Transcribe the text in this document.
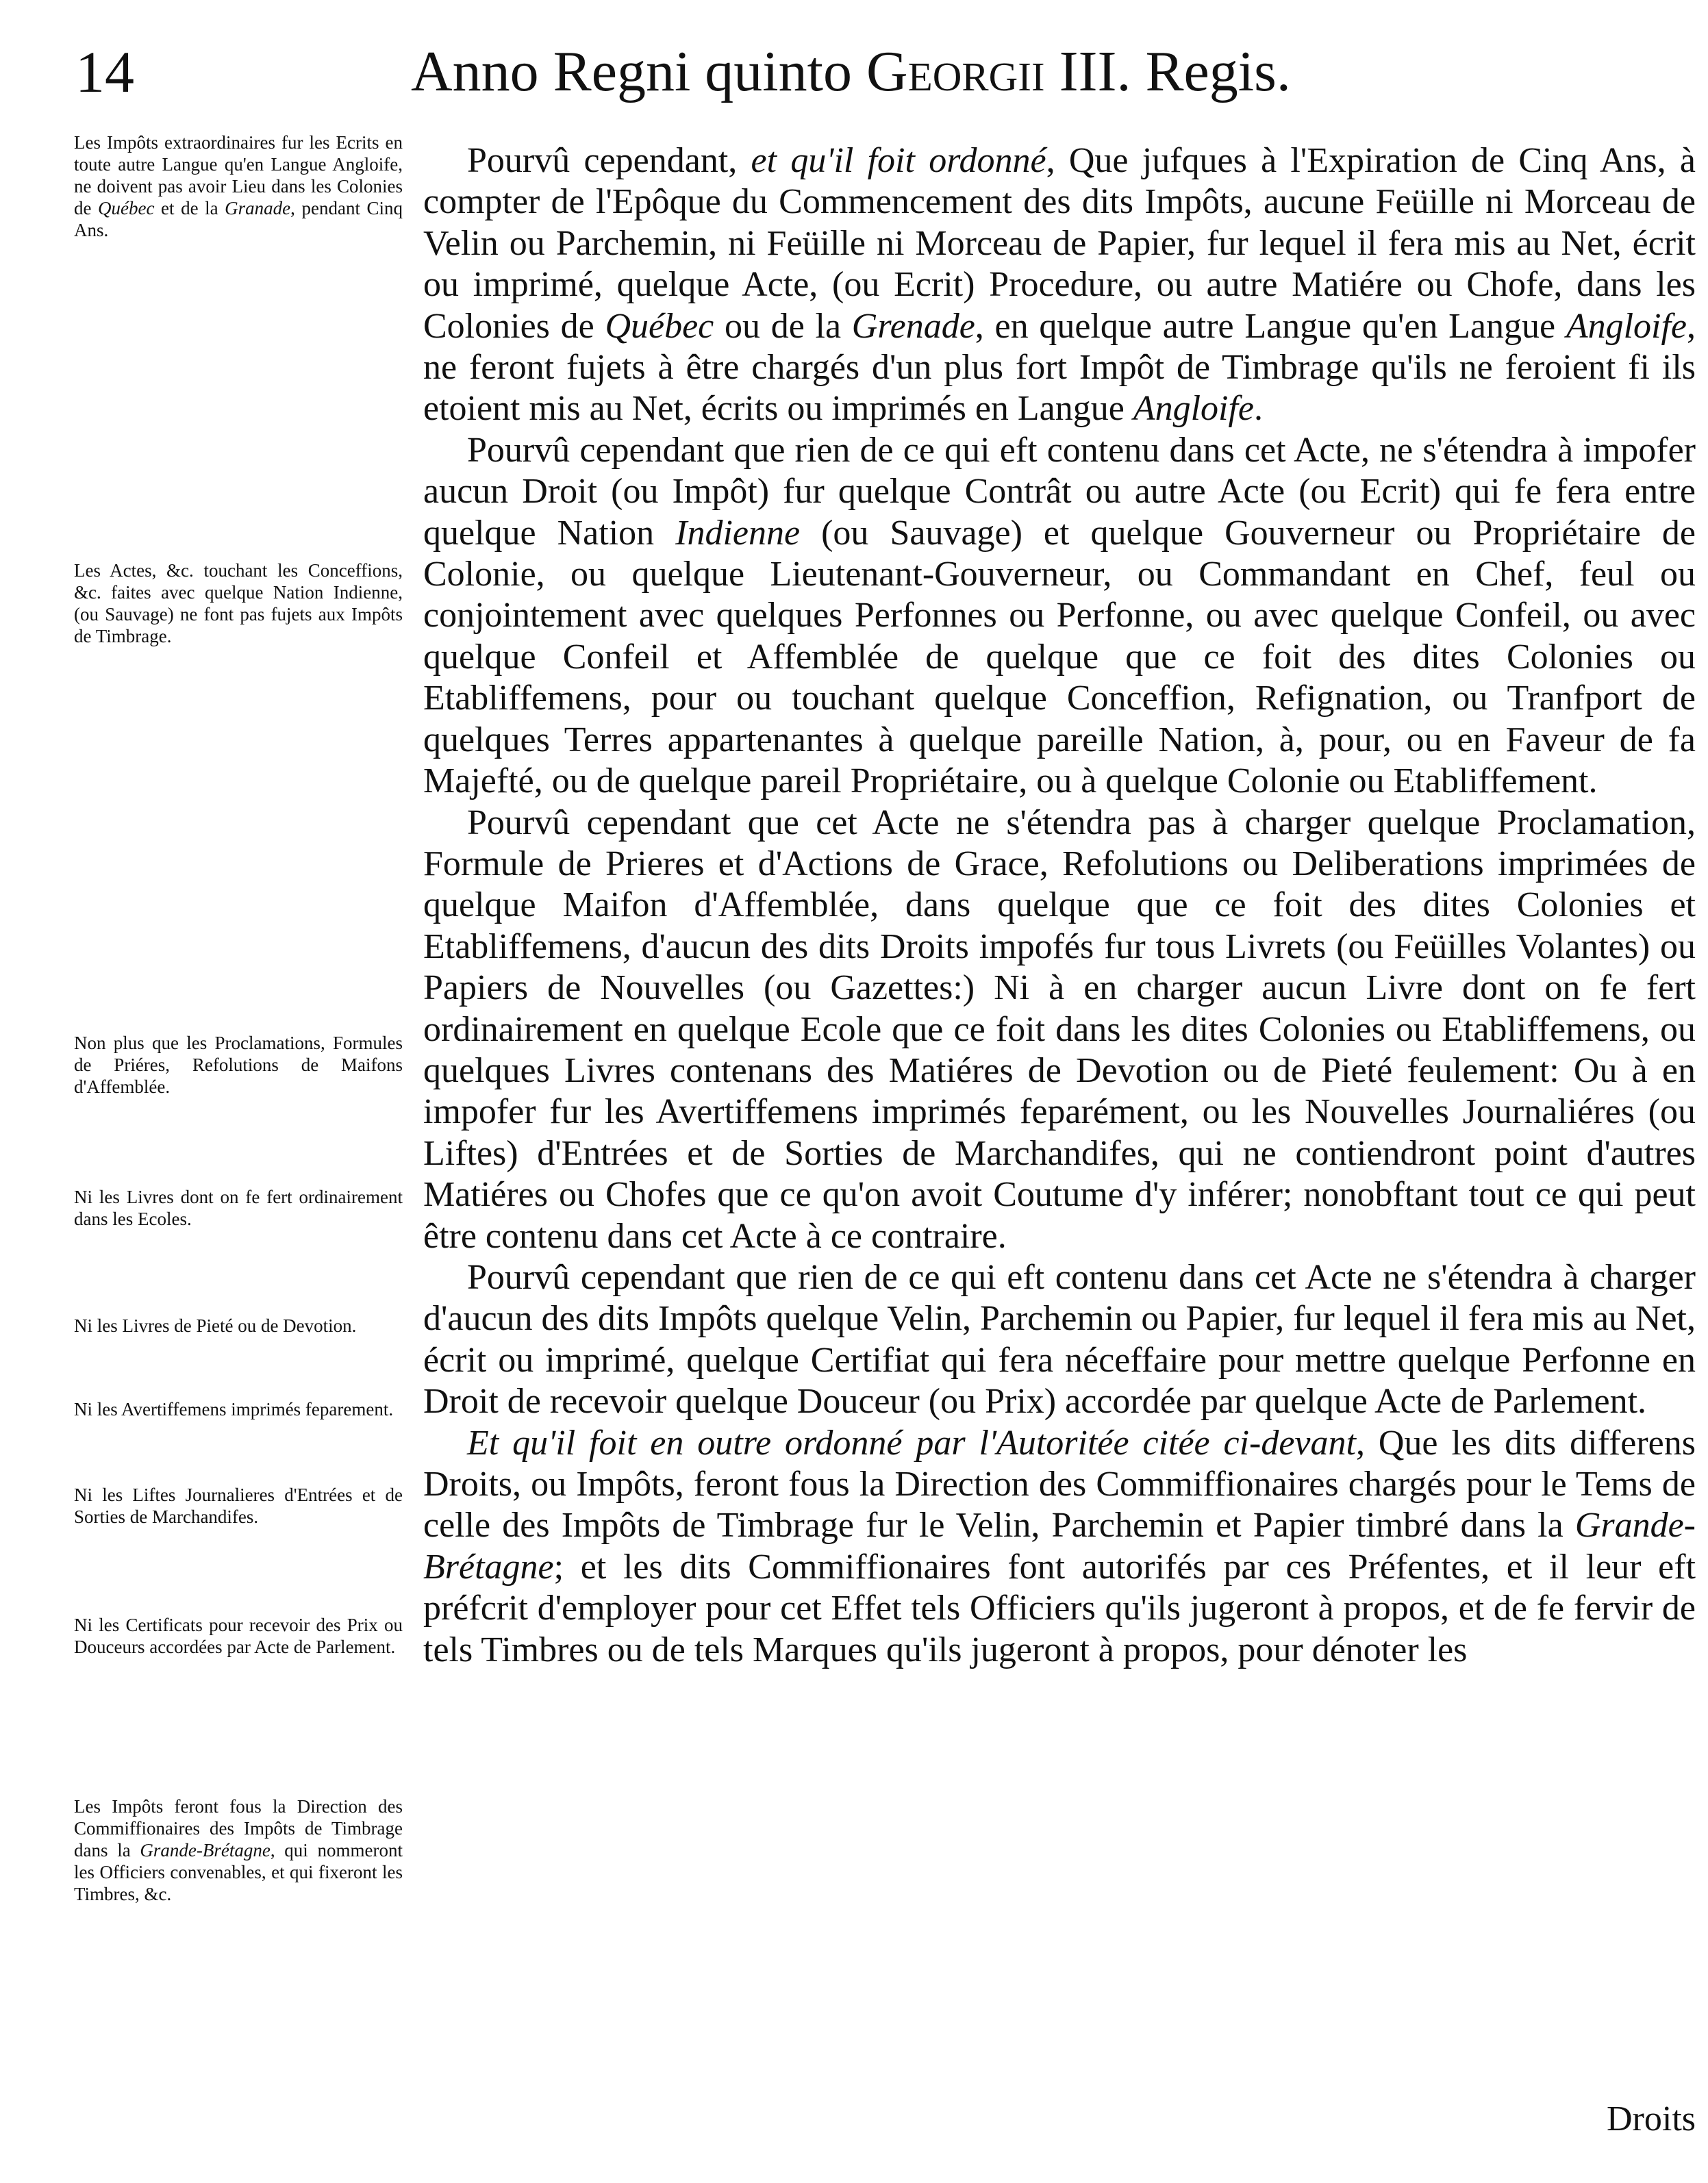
14	Anno Regni quinto Georgii III. Regis.
Les Impôts extraordinaires fur les Ecrits en toute autre Langue qu'en Langue Angloife, ne doivent pas avoir Lieu dans les Colonies de Québec et de la Granade, pendant Cinq Ans.
Les Actes, &c. touchant les Conceffions, &c. faites avec quelque Nation Indienne, (ou Sauvage) ne font pas fujets aux Impôts de Timbrage.
Non plus que les Proclamations, Formules de Priéres, Refolutions de Maifons d'Affemblée.
Ni les Livres dont on fe fert ordinairement dans les Ecoles.
Ni les Livres de Pieté ou de Devotion.
Ni les Avertiffemens imprimés feparement.
Ni les Liftes Journalieres d'Entrées et de Sorties de Marchandifes.
Ni les Certificats pour recevoir des Prix ou Douceurs accordées par Acte de Parlement.
Les Impôts feront fous la Direction des Commiffionaires des Impôts de Timbrage dans la Grande-Brétagne, qui nommeront les Officiers convenables, et qui fixeront les Timbres, &c.

Pourvû cependant, et qu'il foit ordonné, Que jufques à l'Expiration de Cinq Ans, à compter de l'Epôque du Commencement des dits Impôts, aucune Feüille ni Morceau de Velin ou Parchemin, ni Feüille ni Morceau de Papier, fur lequel il fera mis au Net, écrit ou imprimé, quelque Acte, (ou Ecrit) Procedure, ou autre Matiére ou Chofe, dans les Colonies de Québec ou de la Grenade, en quelque autre Langue qu'en Langue Angloife, ne feront fujets à être chargés d'un plus fort Impôt de Timbrage qu'ils ne feroient fi ils etoient mis au Net, écrits ou imprimés en Langue Angloife.

Pourvû cependant que rien de ce qui eft contenu dans cet Acte, ne s'étendra à impofer aucun Droit (ou Impôt) fur quelque Contrât ou autre Acte (ou Ecrit) qui fe fera entre quelque Nation Indienne (ou Sauvage) et quelque Gouverneur ou Propriétaire de Colonie, ou quelque Lieutenant-Gouverneur, ou Commandant en Chef, feul ou conjointement avec quelques Perfonnes ou Perfonne, ou avec quelque Confeil, ou avec quelque Confeil et Affemblée de quelque que ce foit des dites Colonies ou Etabliffemens, pour ou touchant quelque Conceffion, Refignation, ou Tranfport de quelques Terres appartenantes à quelque pareille Nation, à, pour, ou en Faveur de fa Majefté, ou de quelque pareil Propriétaire, ou à quelque Colonie ou Etabliffement.

Pourvû cependant que cet Acte ne s'étendra pas à charger quelque Proclamation, Formule de Prieres et d'Actions de Grace, Refolutions ou Deliberations imprimées de quelque Maifon d'Affemblée, dans quelque que ce foit des dites Colonies et Etabliffemens, d'aucun des dits Droits impofés fur tous Livrets (ou Feüilles Volantes) ou Papiers de Nouvelles (ou Gazettes:) Ni à en charger aucun Livre dont on fe fert ordinairement en quelque Ecole que ce foit dans les dites Colonies ou Etabliffemens, ou quelques Livres contenans des Matiéres de Devotion ou de Pieté feulement: Ou à en impofer fur les Avertiffemens imprimés feparément, ou les Nouvelles Journaliéres (ou Liftes) d'Entrées et de Sorties de Marchandifes, qui ne contiendront point d'autres Matiéres ou Chofes que ce qu'on avoit Coutume d'y inférer; nonobftant tout ce qui peut être contenu dans cet Acte à ce contraire.

Pourvû cependant que rien de ce qui eft contenu dans cet Acte ne s'étendra à charger d'aucun des dits Impôts quelque Velin, Parchemin ou Papier, fur lequel il fera mis au Net, écrit ou imprimé, quelque Certifiat qui fera néceffaire pour mettre quelque Perfonne en Droit de recevoir quelque Douceur (ou Prix) accordée par quelque Acte de Parlement.

Et qu'il foit en outre ordonné par l'Autoritée citée ci-devant, Que les dits differens Droits, ou Impôts, feront fous la Direction des Commiffionaires chargés pour le Tems de celle des Impôts de Timbrage fur le Velin, Parchemin et Papier timbré dans la Grande-Brétagne; et les dits Commiffionaires font autorifés par ces Préfentes, et il leur eft préfcrit d'employer pour cet Effet tels Officiers qu'ils jugeront à propos, et de fe fervir de tels Timbres ou de tels Marques qu'ils jugeront à propos, pour dénoter les

Droits
